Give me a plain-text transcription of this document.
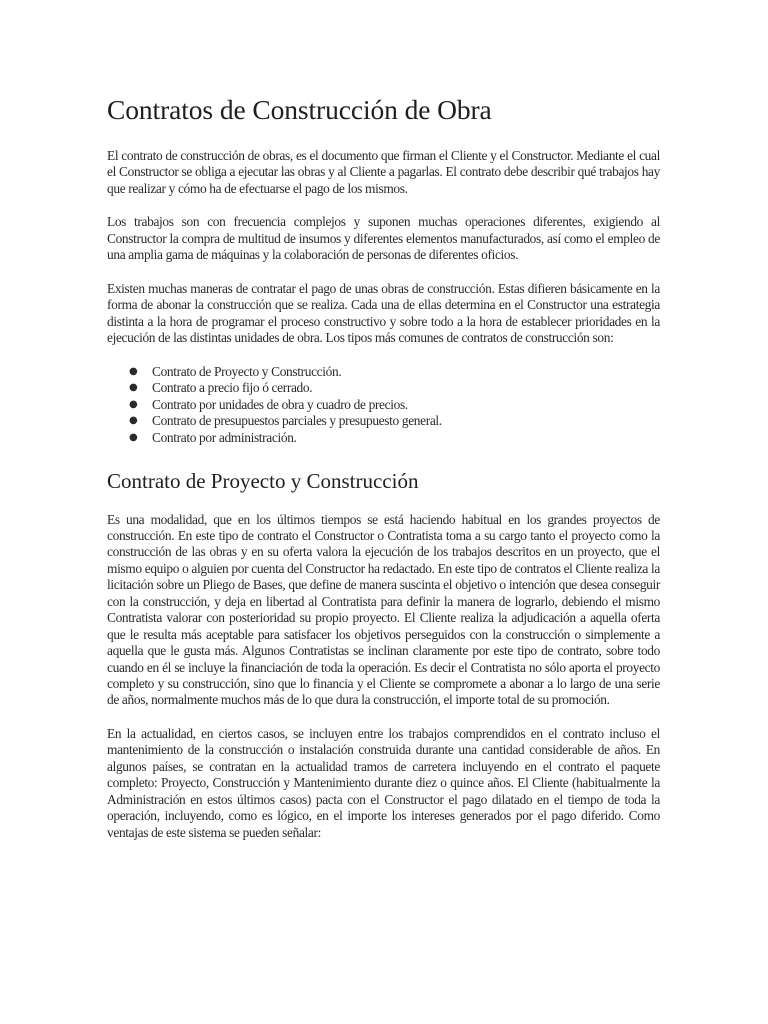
Contratos de Construcción de Obra

El contrato de construcción de obras, es el documento que firman el Cliente y el Constructor. Mediante el cual el Constructor se obliga a ejecutar las obras y al Cliente a pagarlas. El contrato debe describir qué trabajos hay que realizar y cómo ha de efectuarse el pago de los mismos.

Los trabajos son con frecuencia complejos y suponen muchas operaciones diferentes, exigiendo al Constructor la compra de multitud de insumos y diferentes elementos manufacturados, así como el empleo de una amplia gama de máquinas y la colaboración de personas de diferentes oficios.

Existen muchas maneras de contratar el pago de unas obras de construcción. Estas difieren básicamente en la forma de abonar la construcción que se realiza. Cada una de ellas determina en el Constructor una estrategia distinta a la hora de programar el proceso constructivo y sobre todo a la hora de establecer prioridades en la ejecución de las distintas unidades de obra. Los tipos más comunes de contratos de construcción son:

● Contrato de Proyecto y Construcción.
● Contrato a precio fijo ó cerrado.
● Contrato por unidades de obra y cuadro de precios.
● Contrato de presupuestos parciales y presupuesto general.
● Contrato por administración.
Contrato de Proyecto y Construcción

Es una modalidad, que en los últimos tiempos se está haciendo habitual en los grandes proyectos de construcción. En este tipo de contrato el Constructor o Contratista toma a su cargo tanto el proyecto como la construcción de las obras y en su oferta valora la ejecución de los trabajos descritos en un proyecto, que el mismo equipo o alguien por cuenta del Constructor ha redactado. En este tipo de contratos el Cliente realiza la licitación sobre un Pliego de Bases, que define de manera suscinta el objetivo o intención que desea conseguir con la construcción, y deja en libertad al Contratista para definir la manera de lograrlo, debiendo el mismo Contratista valorar con posterioridad su propio proyecto. El Cliente realiza la adjudicación a aquella oferta que le resulta más aceptable para satisfacer los objetivos perseguidos con la construcción o simplemente a aquella que le gusta más. Algunos Contratistas se inclinan claramente por este tipo de contrato, sobre todo cuando en él se incluye la financiación de toda la operación. Es decir el Contratista no sólo aporta el proyecto completo y su construcción, sino que lo financia y el Cliente se compromete a abonar a lo largo de una serie de años, normalmente muchos más de lo que dura la construcción, el importe total de su promoción.

En la actualidad, en ciertos casos, se incluyen entre los trabajos comprendidos en el contrato incluso el mantenimiento de la construcción o instalación construida durante una cantidad considerable de años. En algunos países, se contratan en la actualidad tramos de carretera incluyendo en el contrato el paquete completo: Proyecto, Construcción y Mantenimiento durante diez o quince años. El Cliente (habitualmente la Administración en estos últimos casos) pacta con el Constructor el pago dilatado en el tiempo de toda la operación, incluyendo, como es lógico, en el importe los intereses generados por el pago diferido. Como ventajas de este sistema se pueden señalar:
